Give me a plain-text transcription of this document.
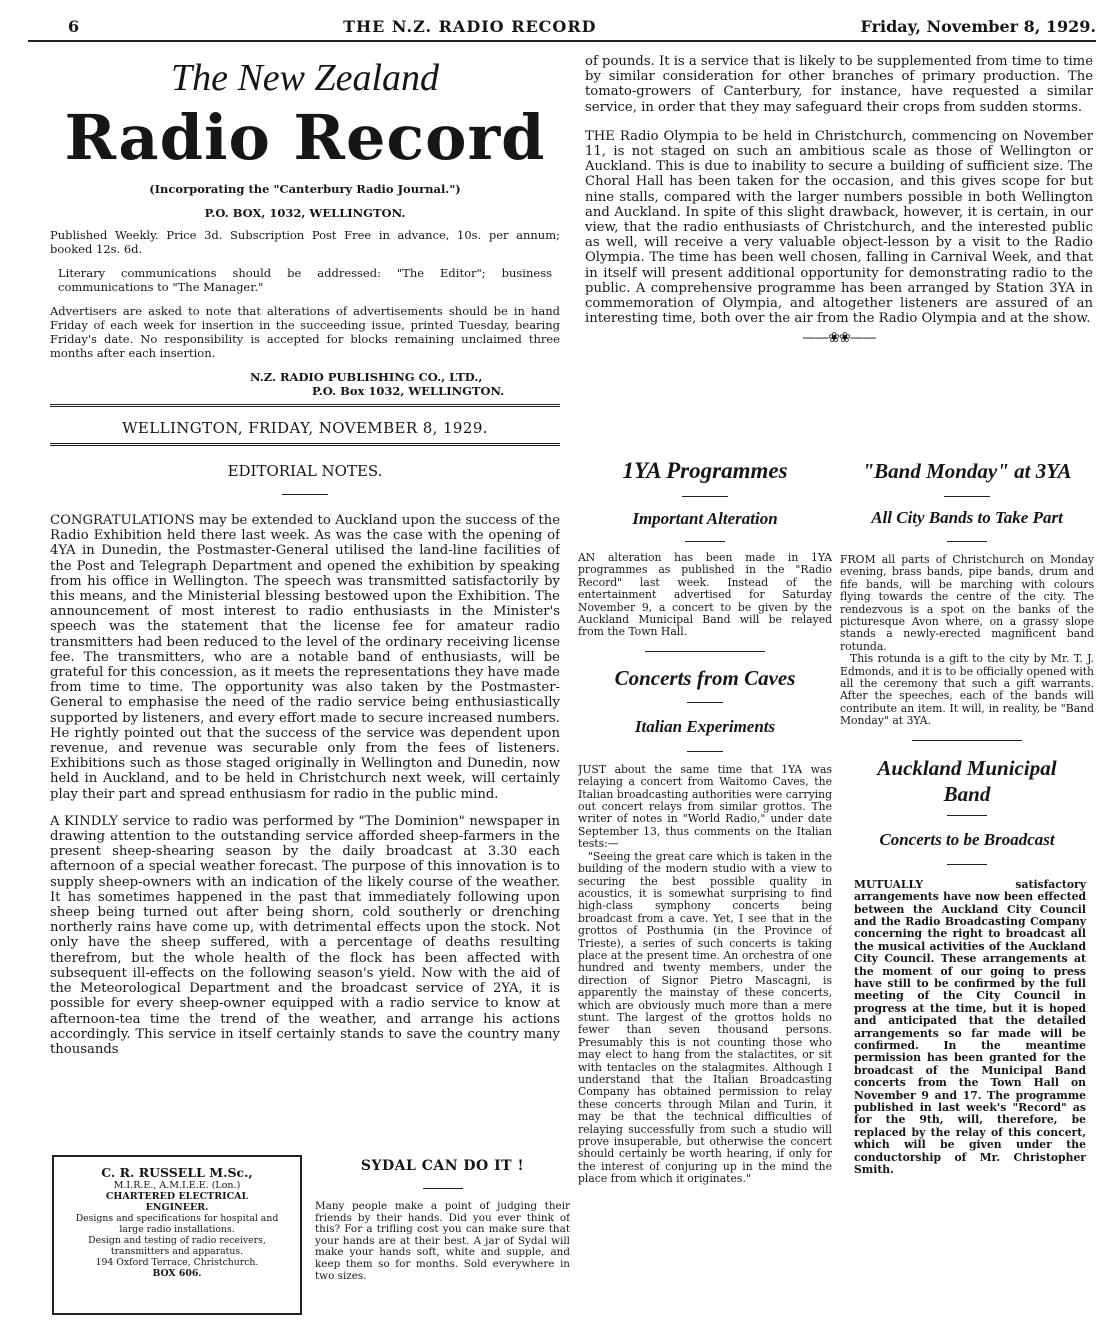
6	THE N.Z. RADIO RECORD	Friday, November 8, 1929.
The New Zealand
Radio Record
(Incorporating the "Canterbury Radio Journal.")
P.O. BOX, 1032, WELLINGTON.
Published Weekly. Price 3d. Subscription Post Free in advance, 10s. per annum; booked 12s. 6d.
Literary communications should be addressed: "The Editor"; business communications to "The Manager."
Advertisers are asked to note that alterations of advertisements should be in hand Friday of each week for insertion in the succeeding issue, printed Tuesday, bearing Friday's date. No responsibility is accepted for blocks remaining unclaimed three months after each insertion.
N.Z. RADIO PUBLISHING CO., LTD.,
P.O. Box 1032, WELLINGTON.
WELLINGTON, FRIDAY, NOVEMBER 8, 1929.
EDITORIAL NOTES.

CONGRATULATIONS may be extended to Auckland upon the success of the Radio Exhibition held there last week. As was the case with the opening of 4YA in Dunedin, the Postmaster-General utilised the land-line facilities of the Post and Telegraph Department and opened the exhibition by speaking from his office in Wellington. The speech was transmitted satisfactorily by this means, and the Ministerial blessing bestowed upon the Exhibition. The announcement of most interest to radio enthusiasts in the Minister's speech was the statement that the license fee for amateur radio transmitters had been reduced to the level of the ordinary receiving license fee. The transmitters, who are a notable band of enthusiasts, will be grateful for this concession, as it meets the representations they have made from time to time. The opportunity was also taken by the Postmaster-General to emphasise the need of the radio service being enthusiastically supported by listeners, and every effort made to secure increased numbers. He rightly pointed out that the success of the service was dependent upon revenue, and revenue was securable only from the fees of listeners. Exhibitions such as those staged originally in Wellington and Dunedin, now held in Auckland, and to be held in Christchurch next week, will certainly play their part and spread enthusiasm for radio in the public mind.

A KINDLY service to radio was performed by "The Dominion" newspaper in drawing attention to the outstanding service afforded sheep-farmers in the present sheep-shearing season by the daily broadcast at 3.30 each afternoon of a special weather forecast. The purpose of this innovation is to supply sheep-owners with an indication of the likely course of the weather. It has sometimes happened in the past that immediately following upon sheep being turned out after being shorn, cold southerly or drenching northerly rains have come up, with detrimental effects upon the stock. Not only have the sheep suffered, with a percentage of deaths resulting therefrom, but the whole health of the flock has been affected with subsequent ill-effects on the following season's yield. Now with the aid of the Meteorological Department and the broadcast service of 2YA, it is possible for every sheep-owner equipped with a radio service to know at afternoon-tea time the trend of the weather, and arrange his actions accordingly. This service in itself certainly stands to save the country many thousands

C. R. RUSSELL M.Sc.,
M.I.R.E., A.M.I.E.E. (Lon.)
CHARTERED ELECTRICAL ENGINEER.
Designs and specifications for hospital and large radio installations.
Design and testing of radio receivers, transmitters and apparatus.
194 Oxford Terrace, Christchurch.
BOX 606.
SYDAL CAN DO IT !

Many people make a point of judging their friends by their hands. Did you ever think of this? For a trifling cost you can make sure that your hands are at their best. A jar of Sydal will make your hands soft, white and supple, and keep them so for months. Sold everywhere in two sizes.

of pounds. It is a service that is likely to be supplemented from time to time by similar consideration for other branches of primary production. The tomato-growers of Canterbury, for instance, have requested a similar service, in order that they may safeguard their crops from sudden storms.

THE Radio Olympia to be held in Christchurch, commencing on November 11, is not staged on such an ambitious scale as those of Wellington or Auckland. This is due to inability to secure a building of sufficient size. The Choral Hall has been taken for the occasion, and this gives scope for but nine stalls, compared with the larger numbers possible in both Wellington and Auckland. In spite of this slight drawback, however, it is certain, in our view, that the radio enthusiasts of Christchurch, and the interested public as well, will receive a very valuable object-lesson by a visit to the Radio Olympia. The time has been well chosen, falling in Carnival Week, and that in itself will present additional opportunity for demonstrating radio to the public. A comprehensive programme has been arranged by Station 3YA in commemoration of Olympia, and altogether listeners are assured of an interesting time, both over the air from the Radio Olympia and at the show.

——❀❀——
1YA Programmes
Important Alteration

AN alteration has been made in 1YA programmes as published in the "Radio Record" last week. Instead of the entertainment advertised for Saturday November 9, a concert to be given by the Auckland Municipal Band will be relayed from the Town Hall.

Concerts from Caves
Italian Experiments

JUST about the same time that 1YA was relaying a concert from Waitomo Caves, the Italian broadcasting authorities were carrying out concert relays from similar grottos. The writer of notes in "World Radio," under date September 13, thus comments on the Italian tests:—

"Seeing the great care which is taken in the building of the modern studio with a view to securing the best possible quality in acoustics, it is somewhat surprising to find high-class symphony concerts being broadcast from a cave. Yet, I see that in the grottos of Posthumia (in the Province of Trieste), a series of such concerts is taking place at the present time. An orchestra of one hundred and twenty members, under the direction of Signor Pietro Mascagni, is apparently the mainstay of these concerts, which are obviously much more than a mere stunt. The largest of the grottos holds no fewer than seven thousand persons. Presumably this is not counting those who may elect to hang from the stalactites, or sit with tentacles on the stalagmites. Although I understand that the Italian Broadcasting Company has obtained permission to relay these concerts through Milan and Turin, it may be that the technical difficulties of relaying successfully from such a studio will prove insuperable, but otherwise the concert should certainly be worth hearing, if only for the interest of conjuring up in the mind the place from which it originates."

"Band Monday" at 3YA
All City Bands to Take Part

FROM all parts of Christchurch on Monday evening, brass bands, pipe bands, drum and fife bands, will be marching with colours flying towards the centre of the city. The rendezvous is a spot on the banks of the picturesque Avon where, on a grassy slope stands a newly-erected magnificent band rotunda.

This rotunda is a gift to the city by Mr. T. J. Edmonds, and it is to be officially opened with all the ceremony that such a gift warrants. After the speeches, each of the bands will contribute an item. It will, in reality, be "Band Monday" at 3YA.

Auckland Municipal Band
Concerts to be Broadcast

MUTUALLY satisfactory arrangements have now been effected between the Auckland City Council and the Radio Broadcasting Company concerning the right to broadcast all the musical activities of the Auckland City Council. These arrangements at the moment of our going to press have still to be confirmed by the full meeting of the City Council in progress at the time, but it is hoped and anticipated that the detailed arrangements so far made will be confirmed. In the meantime permission has been granted for the broadcast of the Municipal Band concerts from the Town Hall on November 9 and 17. The programme published in last week's "Record" as for the 9th, will, therefore, be replaced by the relay of this concert, which will be given under the conductorship of Mr. Christopher Smith.
